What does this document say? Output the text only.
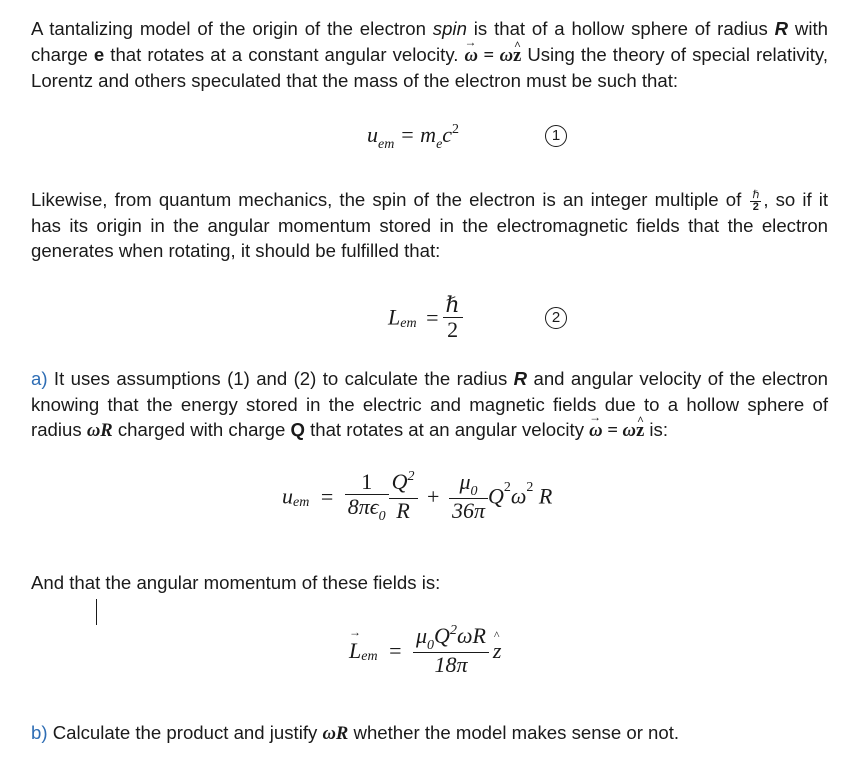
A tantalizing model of the origin of the electron spin is that of a hollow sphere of radius R with charge e that rotates at a constant angular velocity. → ω = ω^ z Using the theory of special relativity, Lorentz and others speculated that the mass of the electron must be such that:

$u_{em} = m_ec^2$	1

Likewise, from quantum mechanics, the spin of the electron is an integer multiple of $\frac{\text{ℏ}}{2}$ , so if it has its origin in the angular momentum stored in the electromagnetic fields that the electron generates when rotating, it should be fulfilled that:

$L_{em} = \frac{\text{ℏ}}{2}$	2

a) It uses assumptions (1) and (2) to calculate the radius R and angular velocity of the electron knowing that the energy stored in the electric and magnetic fields due to a hollow sphere of radius ωR charged with charge Q that rotates at an angular velocity → ω = ω^ z is:

$u_{em} = \frac{1}{8\pi\epsilon_0} \frac{Q^2}{R} + \frac{\mu_0}{36\pi} Q^2\omega^2$ R

And that the angular momentum of these fields is:

→ $L_{em} = \frac{\mu_0Q^2\omega R}{18\pi}$
^ z

b) Calculate the product and justify ωR whether the model makes sense or not.
